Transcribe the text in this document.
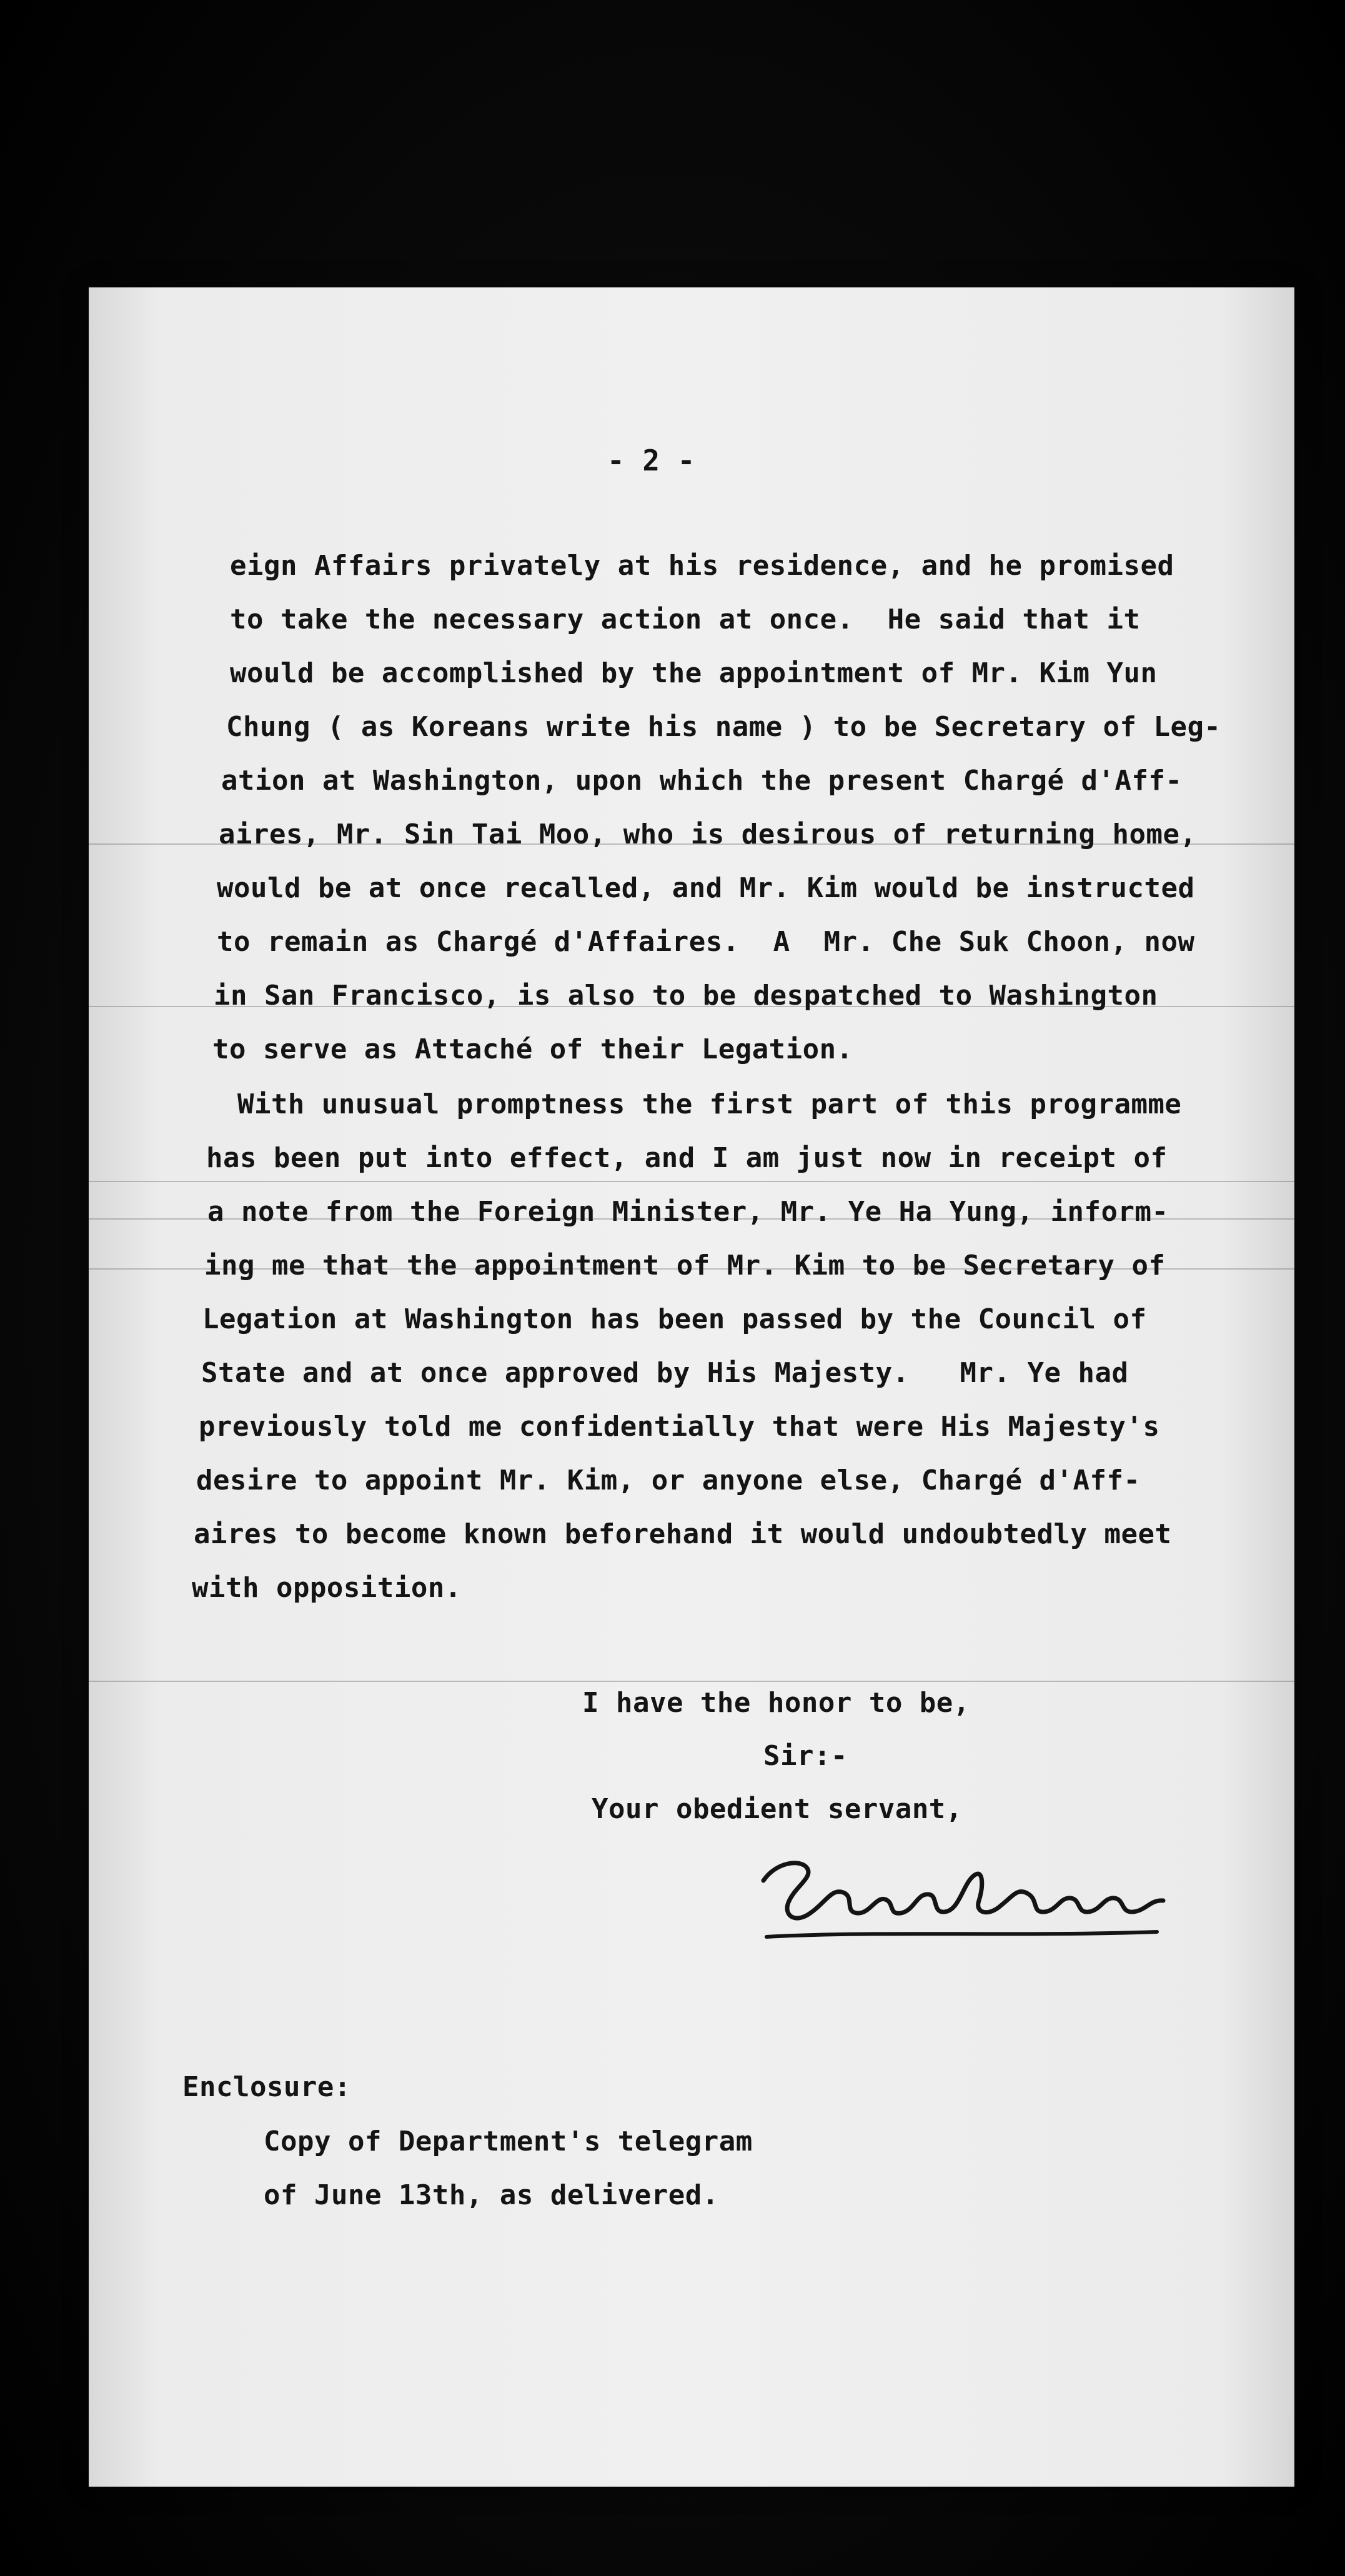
- 2 -
eign Affairs privately at his residence, and he promised
to take the necessary action at once.  He said that it
would be accomplished by the appointment of Mr. Kim Yun
Chung ( as Koreans write his name ) to be Secretary of Leg-
ation at Washington, upon which the present Chargé d'Aff-
aires, Mr. Sin Tai Moo, who is desirous of returning home,
would be at once recalled, and Mr. Kim would be instructed
to remain as Chargé d'Affaires.  A  Mr. Che Suk Choon, now
in San Francisco, is also to be despatched to Washington
to serve as Attaché of their Legation.
With unusual promptness the first part of this programme
has been put into effect, and I am just now in receipt of
a note from the Foreign Minister, Mr. Ye Ha Yung, inform-
ing me that the appointment of Mr. Kim to be Secretary of
Legation at Washington has been passed by the Council of
State and at once approved by His Majesty.   Mr. Ye had
previously told me confidentially that were His Majesty's
desire to appoint Mr. Kim, or anyone else, Chargé d'Aff-
aires to become known beforehand it would undoubtedly meet
with opposition.
I have the honor to be,
Sir:-
Your obedient servant,
Enclosure:
Copy of Department's telegram
of June 13th, as delivered.
